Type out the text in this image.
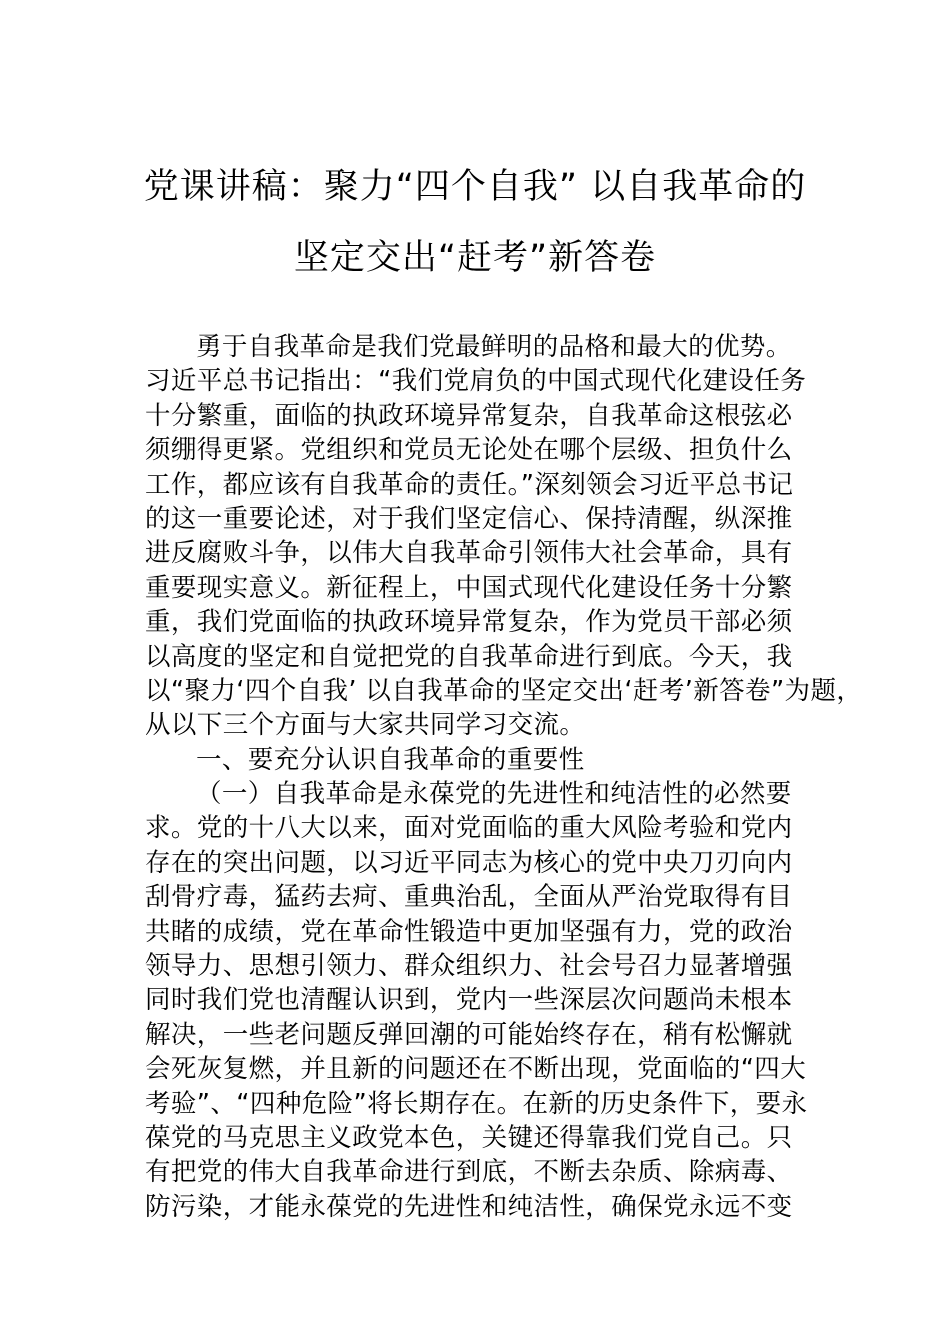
党课讲稿：聚力“四个自我” 以自我革命的
坚定交出“赶考”新答卷
勇于自我革命是我们党最鲜明的品格和最大的优势。
习近平总书记指出：“我们党肩负的中国式现代化建设任务
十分繁重，面临的执政环境异常复杂，自我革命这根弦必
须绷得更紧。党组织和党员无论处在哪个层级、担负什么
工作，都应该有自我革命的责任。”深刻领会习近平总书记
的这一重要论述，对于我们坚定信心、保持清醒，纵深推
进反腐败斗争，以伟大自我革命引领伟大社会革命，具有
重要现实意义。新征程上，中国式现代化建设任务十分繁
重，我们党面临的执政环境异常复杂，作为党员干部必须
以高度的坚定和自觉把党的自我革命进行到底。今天，我
以“聚力‘四个自我’ 以自我革命的坚定交出‘赶考’新答卷”为题，
从以下三个方面与大家共同学习交流。
一、要充分认识自我革命的重要性
（一）自我革命是永葆党的先进性和纯洁性的必然要
求。党的十八大以来，面对党面临的重大风险考验和党内
存在的突出问题，以习近平同志为核心的党中央刀刃向内
刮骨疗毒，猛药去疴、重典治乱，全面从严治党取得有目
共睹的成绩，党在革命性锻造中更加坚强有力，党的政治
领导力、思想引领力、群众组织力、社会号召力显著增强
同时我们党也清醒认识到，党内一些深层次问题尚未根本
解决，一些老问题反弹回潮的可能始终存在，稍有松懈就
会死灰复燃，并且新的问题还在不断出现，党面临的“四大
考验”、“四种危险”将长期存在。在新的历史条件下，要永
葆党的马克思主义政党本色，关键还得靠我们党自己。只
有把党的伟大自我革命进行到底，不断去杂质、除病毒、
防污染，才能永葆党的先进性和纯洁性，确保党永远不变
